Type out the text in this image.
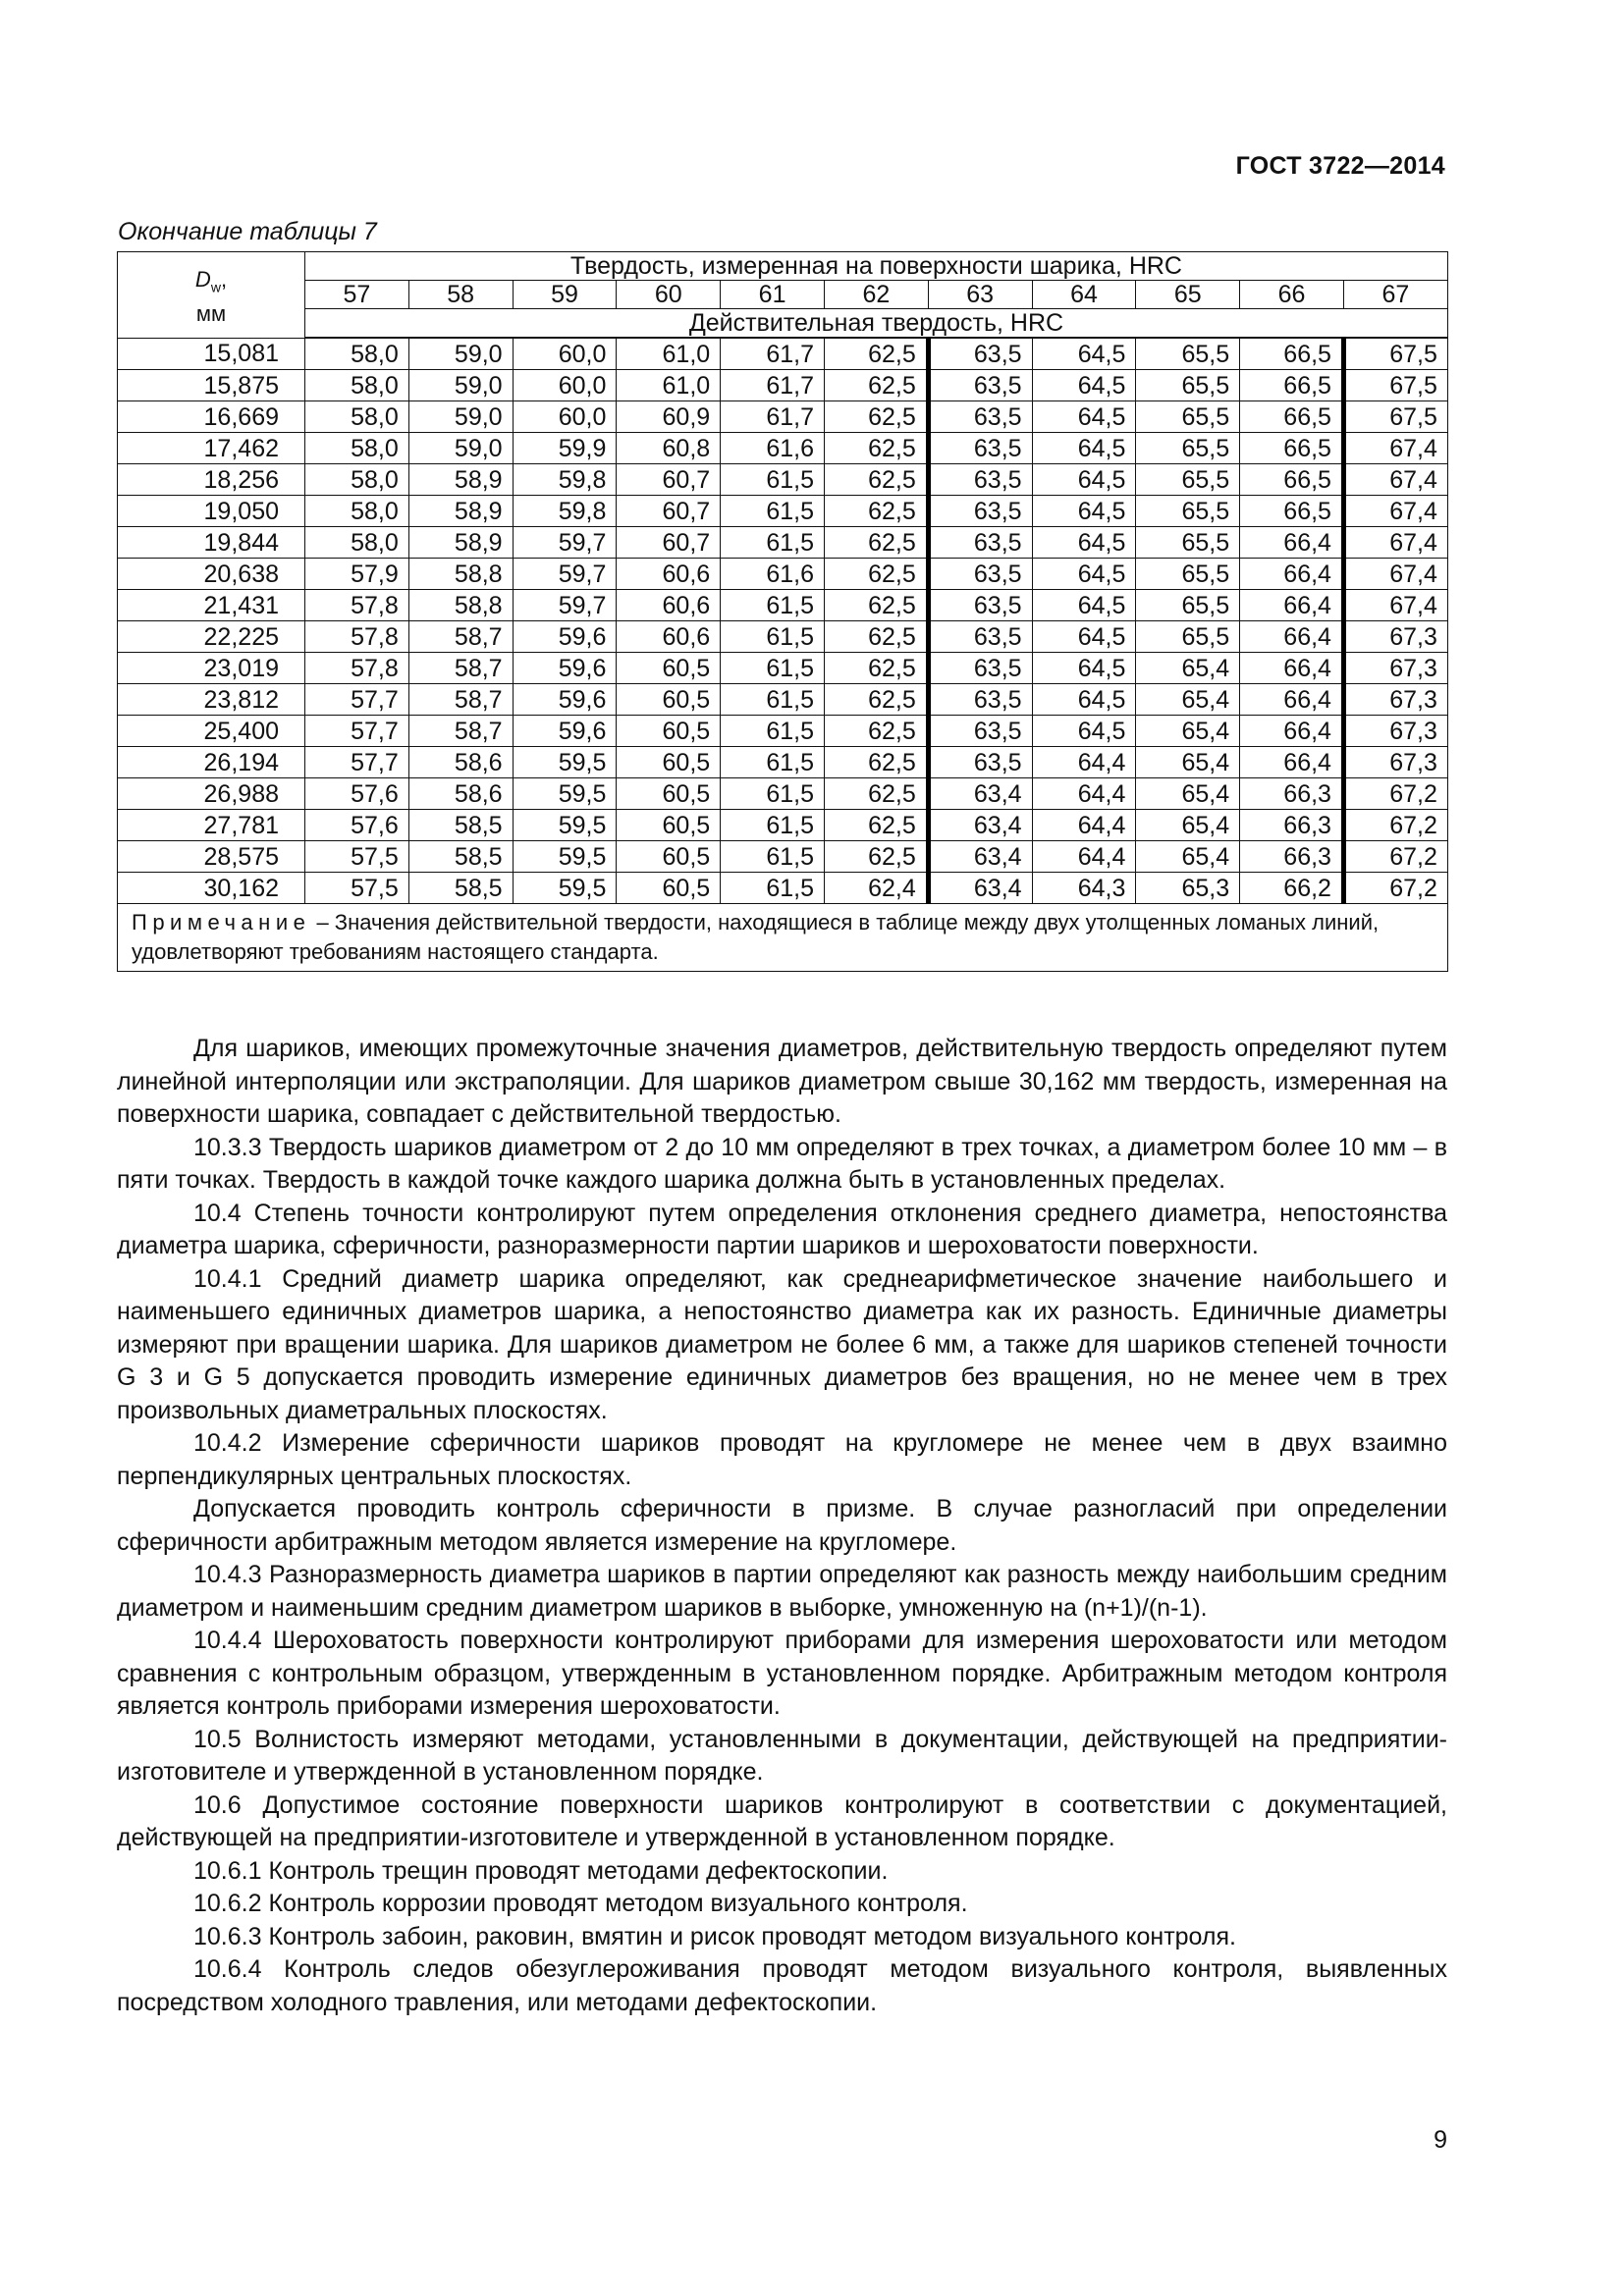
ГОСТ 3722—2014
Окончание таблицы 7
$D_w$,
мм	Твердость, измеренная на поверхности шарика, HRC										
	57	58	59	60	61	62	63	64	65	66	67
	Действительная твердость, HRC										
15,081	58,0	59,0	60,0	61,0	61,7	62,5	63,5	64,5	65,5	66,5	67,5
15,875	58,0	59,0	60,0	61,0	61,7	62,5	63,5	64,5	65,5	66,5	67,5
16,669	58,0	59,0	60,0	60,9	61,7	62,5	63,5	64,5	65,5	66,5	67,5
17,462	58,0	59,0	59,9	60,8	61,6	62,5	63,5	64,5	65,5	66,5	67,4
18,256	58,0	58,9	59,8	60,7	61,5	62,5	63,5	64,5	65,5	66,5	67,4
19,050	58,0	58,9	59,8	60,7	61,5	62,5	63,5	64,5	65,5	66,5	67,4
19,844	58,0	58,9	59,7	60,7	61,5	62,5	63,5	64,5	65,5	66,4	67,4
20,638	57,9	58,8	59,7	60,6	61,6	62,5	63,5	64,5	65,5	66,4	67,4
21,431	57,8	58,8	59,7	60,6	61,5	62,5	63,5	64,5	65,5	66,4	67,4
22,225	57,8	58,7	59,6	60,6	61,5	62,5	63,5	64,5	65,5	66,4	67,3
23,019	57,8	58,7	59,6	60,5	61,5	62,5	63,5	64,5	65,4	66,4	67,3
23,812	57,7	58,7	59,6	60,5	61,5	62,5	63,5	64,5	65,4	66,4	67,3
25,400	57,7	58,7	59,6	60,5	61,5	62,5	63,5	64,5	65,4	66,4	67,3
26,194	57,7	58,6	59,5	60,5	61,5	62,5	63,5	64,4	65,4	66,4	67,3
26,988	57,6	58,6	59,5	60,5	61,5	62,5	63,4	64,4	65,4	66,3	67,2
27,781	57,6	58,5	59,5	60,5	61,5	62,5	63,4	64,4	65,4	66,3	67,2
28,575	57,5	58,5	59,5	60,5	61,5	62,5	63,4	64,4	65,4	66,3	67,2
30,162	57,5	58,5	59,5	60,5	61,5	62,4	63,4	64,3	65,3	66,2	67,2
Примечание – Значения действительной твердости, находящиеся в таблице между двух утолщенных ломаных линий, удовлетворяют требованиям настоящего стандарта.											

Для шариков, имеющих промежуточные значения диаметров, действительную твердость определяют путем линейной интерполяции или экстраполяции. Для шариков диаметром свыше 30,162 мм твердость, измеренная на поверхности шарика, совпадает с действительной твердостью.

10.3.3 Твердость шариков диаметром от 2 до 10 мм определяют в трех точках, а диаметром более 10 мм – в пяти точках. Твердость в каждой точке каждого шарика должна быть в установленных пределах.

10.4 Степень точности контролируют путем определения отклонения среднего диаметра, непостоянства диаметра шарика, сферичности, разноразмерности партии шариков и шероховатости поверхности.

10.4.1 Средний диаметр шарика определяют, как среднеарифметическое значение наибольшего и наименьшего единичных диаметров шарика, а непостоянство диаметра как их разность. Единичные диаметры измеряют при вращении шарика. Для шариков диаметром не более 6 мм, а также для шариков степеней точности G 3 и G 5 допускается проводить измерение единичных диаметров без вращения, но не менее чем в трех произвольных диаметральных плоскостях.

10.4.2 Измерение сферичности шариков проводят на кругломере не менее чем в двух взаимно перпендикулярных центральных плоскостях.

Допускается проводить контроль сферичности в призме. В случае разногласий при определении сферичности арбитражным методом является измерение на кругломере.

10.4.3 Разноразмерность диаметра шариков в партии определяют как разность между наибольшим средним диаметром и наименьшим средним диаметром шариков в выборке, умноженную на (n+1)/(n-1).

10.4.4 Шероховатость поверхности контролируют приборами для измерения шероховатости или методом сравнения с контрольным образцом, утвержденным в установленном порядке. Арбитражным методом контроля является контроль приборами измерения шероховатости.

10.5 Волнистость измеряют методами, установленными в документации, действующей на предприятии-изготовителе и утвержденной в установленном порядке.

10.6 Допустимое состояние поверхности шариков контролируют в соответствии с документацией, действующей на предприятии-изготовителе и утвержденной в установленном порядке.

10.6.1 Контроль трещин проводят методами дефектоскопии.

10.6.2 Контроль коррозии проводят методом визуального контроля.

10.6.3 Контроль забоин, раковин, вмятин и рисок проводят методом визуального контроля.

10.6.4 Контроль следов обезуглероживания проводят методом визуального контроля, выявленных посредством холодного травления, или методами дефектоскопии.

9
